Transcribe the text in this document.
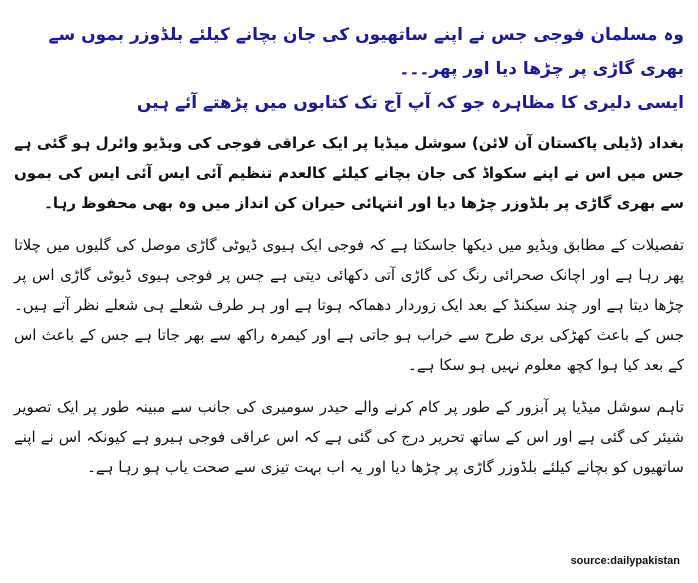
وہ مسلمان فوجی جس نے اپنے ساتھیوں کی جان بچانے کیلئے بلڈوزر بموں سے بھری گاڑی پر چڑھا دیا اور پھر۔۔۔
ایسی دلیری کا مظاہرہ جو کہ آپ آج تک کتابوں میں پڑھتے آئے ہیں

بغداد (ڈیلی پاکستان آن لائن) سوشل میڈیا پر ایک عراقی فوجی کی ویڈیو وائرل ہو گئی ہے جس میں اس نے اپنے سکواڈ کی جان بچانے کیلئے کالعدم تنظیم آئی ایس آئی ایس کی بموں سے بھری گاڑی پر بلڈوزر چڑھا دیا اور انتہائی حیران کن انداز میں وہ بھی محفوظ رہا۔

تفصیلات کے مطابق ویڈیو میں دیکھا جاسکتا ہے کہ فوجی ایک ہیوی ڈیوٹی گاڑی موصل کی گلیوں میں چلاتا پھر رہا ہے اور اچانک صحرائی رنگ کی گاڑی آتی دکھائی دیتی ہے جس پر فوجی ہیوی ڈیوٹی گاڑی اس پر چڑھا دیتا ہے اور چند سیکنڈ کے بعد ایک زوردار دھماکہ ہوتا ہے اور ہر طرف شعلے ہی شعلے نظر آتے ہیں۔ جس کے باعث کھڑکی بری طرح سے خراب ہو جاتی ہے اور کیمرہ راکھ سے بھر جاتا ہے جس کے باعث اس کے بعد کیا ہوا کچھ معلوم نہیں ہو سکا ہے۔

تاہم سوشل میڈیا پر آبزور کے طور پر کام کرنے والے حیدر سومیری کی جانب سے مبینہ طور پر ایک تصویر شیئر کی گئی ہے اور اس کے ساتھ تحریر درج کی گئی ہے کہ اس عراقی فوجی ہیرو ہے کیونکہ اس نے اپنے ساتھیوں کو بچانے کیلئے بلڈوزر گاڑی پر چڑھا دیا اور یہ اب بہت تیزی سے صحت یاب ہو رہا ہے۔

source:dailypakistan
